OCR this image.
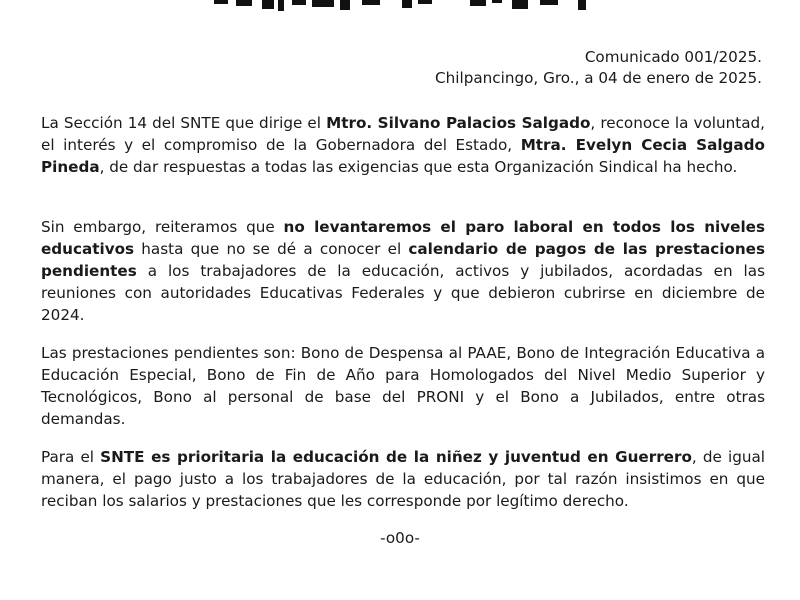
Comunicado 001/2025.
Chilpancingo, Gro., a 04 de enero de 2025.

La Sección 14 del SNTE que dirige el Mtro. Silvano Palacios Salgado, reconoce la voluntad, el interés y el compromiso de la Gobernadora del Estado, Mtra. Evelyn Cecia Salgado Pineda, de dar respuestas a todas las exigencias que esta Organización Sindical ha hecho.

Sin embargo, reiteramos que no levantaremos el paro laboral en todos los niveles educativos hasta que no se dé a conocer el calendario de pagos de las prestaciones pendientes a los trabajadores de la educación, activos y jubilados, acordadas en las reuniones con autoridades Educativas Federales y que debieron cubrirse en diciembre de 2024.

Las prestaciones pendientes son: Bono de Despensa al PAAE, Bono de Integración Educativa a Educación Especial, Bono de Fin de Año para Homologados del Nivel Medio Superior y Tecnológicos, Bono al personal de base del PRONI y el Bono a Jubilados, entre otras demandas.

Para el SNTE es prioritaria la educación de la niñez y juventud en Guerrero, de igual manera, el pago justo a los trabajadores de la educación, por tal razón insistimos en que reciban los salarios y prestaciones que les corresponde por legítimo derecho.

-o0o-
